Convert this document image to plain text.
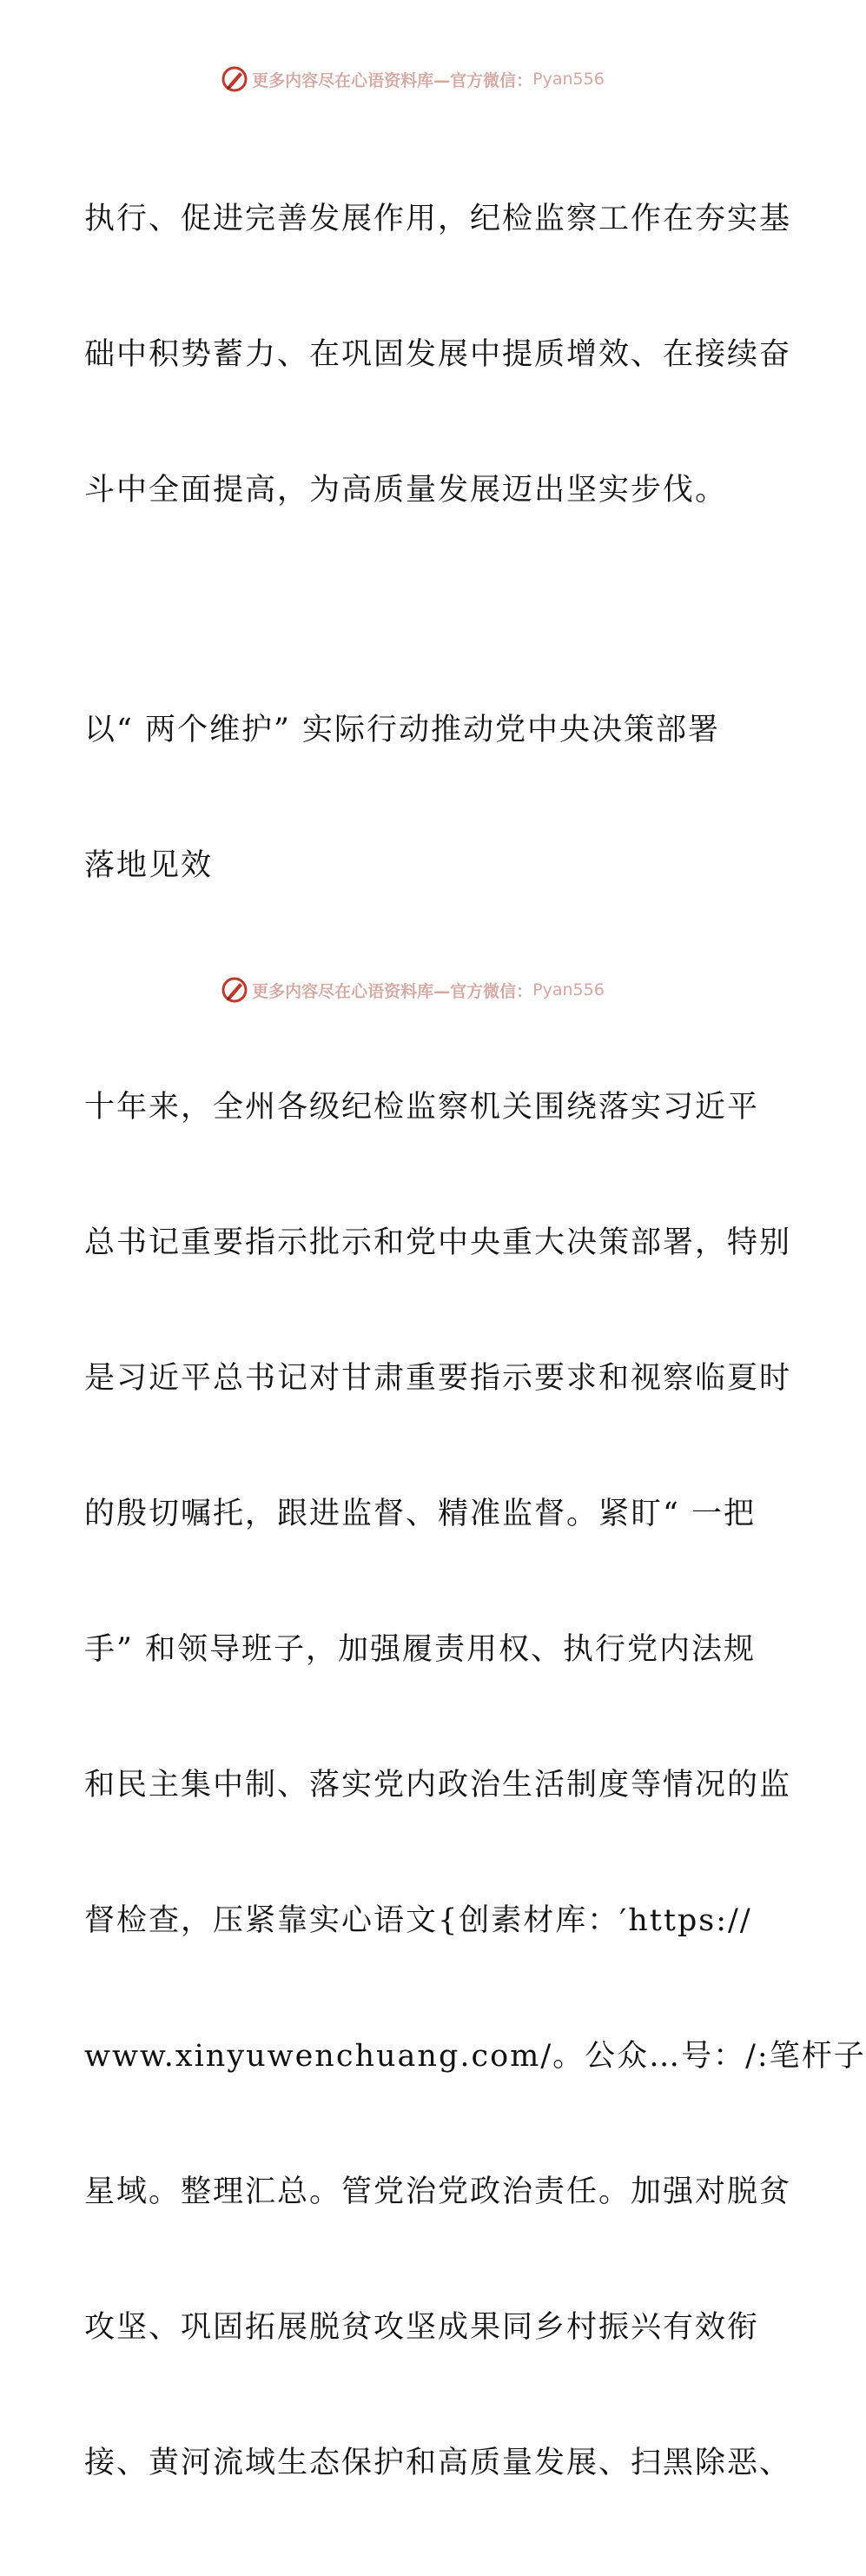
更多内容尽在心语资料库—官方微信： Pyan556

执行、促进完善发展作用，纪检监察工作在夯实基

础中积势蓄力、在巩固发展中提质增效、在接续奋

斗中全面提高，为高质量发展迈出坚实步伐。

以“ 两个维护” 实际行动推动党中央决策部署

落地见效

十年来，全州各级纪检监察机关围绕落实习近平

总书记重要指示批示和党中央重大决策部署，特别

是习近平总书记对甘肃重要指示要求和视察临夏时

的殷切嘱托，跟进监督、精准监督。紧盯“ 一把

手” 和领导班子，加强履责用权、执行党内法规

和民主集中制、落实党内政治生活制度等情况的监

督检查，压紧靠实心语文{创素材库：′https://

www.xinyuwenchuang.com/。公众…号：/:笔杆子

星域。整理汇总。管党治党政治责任。加强对脱贫

攻坚、巩固拓展脱贫攻坚成果同乡村振兴有效衔

接、黄河流域生态保护和高质量发展、扫黑除恶、

更多内容尽在心语资料库—官方微信： Pyan556
